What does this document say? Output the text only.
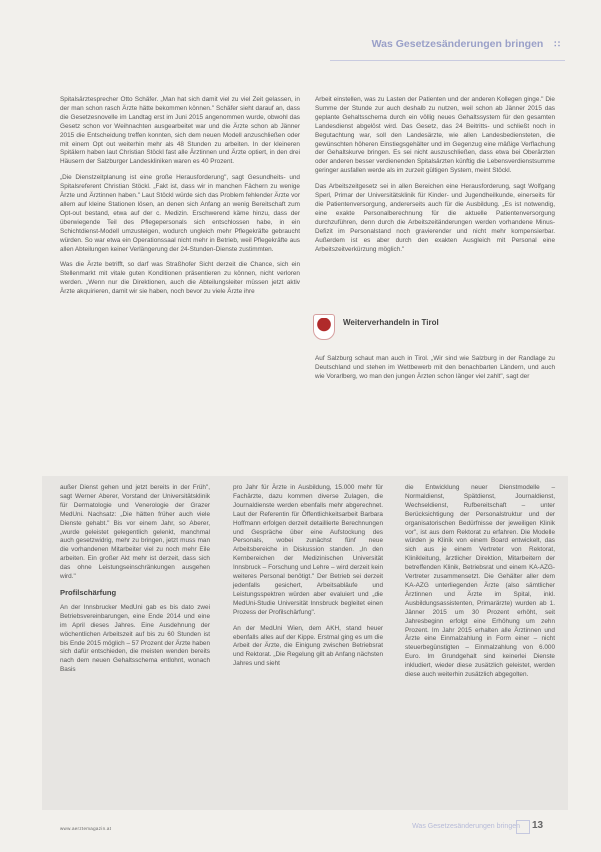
Was Gesetzesänderungen bringen ∷

Spitalsärztesprecher Otto Schäfer. „Man hat sich damit viel zu viel Zeit gelassen, in der man schon rasch Ärzte hätte bekommen können." Schäfer sieht darauf an, dass die Gesetzesnovelle im Landtag erst im Juni 2015 angenommen wurde, obwohl das Gesetz schon vor Weihnachten ausgearbeitet war und die Ärzte schon ab Jänner 2015 die Entscheidung treffen konnten, sich dem neuen Modell anzuschließen oder mit einem Opt out weiterhin mehr als 48 Stunden zu arbeiten. In der kleineren Spitälern haben laut Christian Stöckl fast alle Ärztinnen und Ärzte optiert, in den drei Häusern der Salzburger Landeskliniken waren es 40 Prozent.

„Die Dienstzeitplanung ist eine große Herausforderung", sagt Gesundheits- und Spitalsreferent Christian Stöckl. „Fakt ist, dass wir in manchen Fächern zu wenige Ärzte und Ärztinnen haben." Laut Stöckl würde sich das Problem fehlender Ärzte vor allem auf kleine Stationen lösen, an denen sich Anfang an wenig Bereitschaft zum Opt-out bestand, etwa auf der c. Medizin. Erschwerend käme hinzu, dass der überwiegende Teil des Pflegepersonals sich entschlossen habe, in ein Schichtdienst-Modell umzusteigen, wodurch ungleich mehr Pflegekräfte gebraucht würden. So war etwa ein Operationssaal nicht mehr in Betrieb, weil Pflegekräfte aus allen Abteilungen keiner Verlängerung der 24-Stunden-Dienste zustimmten.

Was die Ärzte betrifft, so darf was Straßhofer Sicht derzeit die Chance, sich ein Stellenmarkt mit vitale guten Konditionen präsentieren zu können, nicht verloren werden. „Wenn nur die Direktionen, auch die Abteilungsleiter müssen jetzt aktiv Ärzte akquirieren, damit wir sie haben, noch bevor zu viele Ärzte ihre

Arbeit einstellen, was zu Lasten der Patienten und der anderen Kollegen ginge." Die Summe der Stunde zur auch deshalb zu nutzen, weil schon ab Jänner 2015 das geplante Gehaltsschema durch ein völlig neues Gehaltssystem für den gesamten Landesdienst abgelöst wird. Das Gesetz, das 24 Beitritts- und schließt noch in Begutachtung war, soll den Landesärzte, wie allen Landesbediensteten, die gewünschten höheren Einstiegsgehälter und im Gegenzug eine mäßige Verflachung der Gehaltskurve bringen. Es sei nicht auszuschließen, dass etwa bei Oberärzten oder anderen besser verdienenden Spitalsärzten künftig die Lebensverdienstsumme geringer ausfallen werde als im zurzeit gültigen System, meint Stöckl.

Das Arbeitszeitgesetz sei in allen Bereichen eine Herausforderung, sagt Wolfgang Sperl, Primar der Universitätsklinik für Kinder- und Jugendheilkunde, einerseits für die Patientenversorgung, andererseits auch für die Ausbildung. „Es ist notwendig, eine exakte Personalberechnung für die aktuelle Patientenversorgung durchzuführen, denn durch die Arbeitszeitänderungen werden vorhandene Minus-Defizit im Personalstand noch gravierender und nicht mehr kompensierbar. Außerdem ist es aber durch den exakten Ausgleich mit Personal eine Arbeitszeitverkürzung möglich."

Weiterverhandeln in Tirol

Auf Salzburg schaut man auch in Tirol. „Wir sind wie Salzburg in der Randlage zu Deutschland und stehen im Wettbewerb mit den benachbarten Ländern, und auch wie Vorarlberg, wo man den jungen Ärzten schon länger viel zahlt", sagt der

außer Dienst gehen und jetzt bereits in der Früh", sagt Werner Aberer, Vorstand der Universitätsklinik für Dermatologie und Venerologie der Grazer MedUni. Nachsatz: „Die hätten früher auch viele Dienste gehabt." Bis vor einem Jahr, so Aberer, „wurde geleistet gelegentlich gelenkt, manchmal auch gesetzwidrig, mehr zu bringen, jetzt muss man die vorhandenen Mitarbeiter viel zu noch mehr Eile arbeiten. Ein großer Akt mehr ist derzeit, dass sich das ohne Leistungseinschränkungen ausgehen wird."

Profilschärfung

An der Innsbrucker MedUni gab es bis dato zwei Betriebsvereinbarungen, eine Ende 2014 und eine im April dieses Jahres. Eine Ausdehnung der wöchentlichen Arbeitszeit auf bis zu 60 Stunden ist bis Ende 2015 möglich – 57 Prozent der Ärzte haben sich dafür entschieden, die meisten wenden bereits nach dem neuen Gehaltsschema entlohnt, wonach Basis

pro Jahr für Ärzte in Ausbildung, 15.000 mehr für Fachärzte, dazu kommen diverse Zulagen, die Journaldienste werden ebenfalls mehr abgerechnet. Laut der Referentin für Öffentlichkeitsarbeit Barbara Hoffmann erfolgen derzeit detaillierte Berechnungen und Gespräche über eine Aufstockung des Personals, wobei zunächst fünf neue Arbeitsbereiche in Diskussion standen. „In den Kernbereichen der Medizinischen Universität Innsbruck – Forschung und Lehre – wird derzeit kein weiteres Personal benötigt." Der Betrieb sei derzeit jedenfalls gesichert, Arbeitsabläufe und Leistungsspektren würden aber evaluiert und „die MedUni-Studie Universität Innsbruck begleitet einen Prozess der Profilschärfung".

An der MedUni Wien, dem AKH, stand heuer ebenfalls alles auf der Kippe. Erstmal ging es um die Arbeit der Ärzte, die Einigung zwischen Betriebsrat und Rektorat. „Die Regelung gilt ab Anfang nächsten Jahres und sieht

die Entwicklung neuer Dienstmodelle – Normaldienst, Spätdienst, Journaldienst, Wechseldienst, Rufbereitschaft – unter Berücksichtigung der Personalstruktur und der organisatorischen Bedürfnisse der jeweiligen Klinik vor", ist aus dem Rektorat zu erfahren. Die Modelle würden je Klinik von einem Board entwickelt, das sich aus je einem Vertreter von Rektorat, Klinikleitung, ärztlicher Direktion, Mitarbeitern der betreffenden Klinik, Betriebsrat und einem KA-AZG-Vertreter zusammensetzt. Die Gehälter aller dem KA-AZG unterliegenden Ärzte (also sämtlicher Ärztinnen und Ärzte im Spital, inkl. Ausbildungsassistenten, Primarärzte) wurden ab 1. Jänner 2015 um 30 Prozent erhöht, seit Jahresbeginn erfolgt eine Erhöhung um zehn Prozent. Im Jahr 2015 erhalten alle Ärztinnen und Ärzte eine Einmalzahlung in Form einer – nicht steuerbegünstigten – Einmalzahlung von 6.000 Euro. Im Grundgehalt sind keinerlei Dienste inkludiert, wieder diese zusätzlich geleistet, werden diese auch weiterhin zusätzlich abgegolten.

www.aerztemagazin.at	Was Gesetzesänderungen bringen 13
